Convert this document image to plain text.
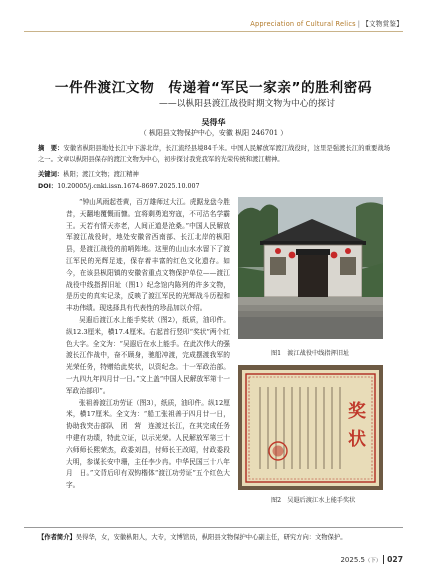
Appreciation of Cultural Relics | 【文物赏鉴】
一件件渡江文物　传递着“军民一家亲”的胜利密码
——以枞阳县渡江战役时期文物为中心的探讨
吴得华
（ 枞阳县文物保护中心，安徽 枞阳 246701 ）
摘　要：安徽省枞阳县地处长江中下游北岸，长江流经县境84千米。中国人民解放军渡江战役时，这里是强渡长江的重要战场之一。文章以枞阳县保存的渡江文物为中心，初步探讨我党我军的光荣传统和渡江精神。
关键词：枞阳；渡江文物；渡江精神
DOI：10.20005/j.cnki.issn.1674-8697.2025.10.007

“钟山风雨起苍黄，百万雄师过大江。虎踞龙盘今胜昔，天翻地覆慨而慷。宜将剩勇追穷寇，不可沽名学霸王。天若有情天亦老，人间正道是沧桑。”中国人民解放军渡江战役时，地处安徽省西南部、长江北岸的枞阳县，是渡江战役的前哨阵地。这里的山山水水留下了渡江军民的光辉足迹，保存着丰富的红色文化遗存。如今，在该县枞阳镇的安徽省重点文物保护单位——渡江战役中线指挥旧址（图1）纪念馆内陈列的许多文物，是历史的真实记录，反映了渡江军民的光辉战斗历程和丰功伟绩。现选择具有代表性的珍品加以介绍。

吴遐后渡江水上能手奖状（图2），纸质，油印件。纵12.3厘米，横17.4厘米。右起首行竖印“奖状”两个红色大字。全文为：“吴遐后在水上能手。在此次伟大的强渡长江作战中，奋不顾身，驰船冲渡，完成摆渡我军的光荣任务，特赠给此奖状，以资纪念。十一军政治部。一九四九年四月廿一日。”文上盖“中国人民解放军第十一军政治部印”。

张祖善渡江功劳证（图3），纸质，油印件。纵12厘米，横17厘米。全文为：“船工张祖善于四月廿一日，协助我突击部队　团　营　连渡过长江，在其完成任务中建有功绩，特此立证，以示光荣。人民解放军第三十六师师长熙荣杰，政委刘昌，付师长王改昭，付政委段大明，参谋长安中珊，主任李少冉。中华民国三十八年　月　日。”文背后印有双钩楷体“渡江功劳证”五个红色大字。

图1　渡江战役中线指挥旧址
奖
状
图2　吴遐后渡江水上能手奖状
【作者简介】吴得华，女，安徽枞阳人，大专，文博馆员，枞阳县文物保护中心副主任，研究方向：文物保护。
2025.5（下） 027
